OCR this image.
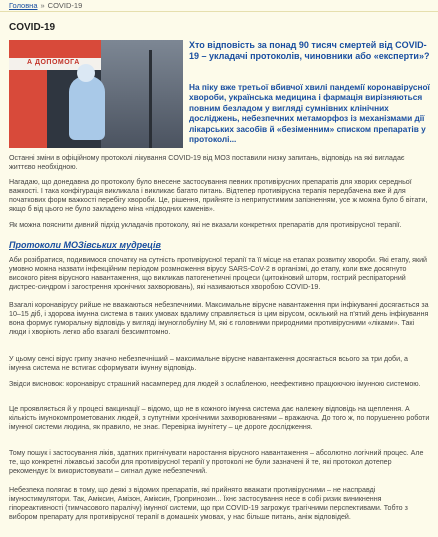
Головна » COVID-19
COVID-19
А ДОПОМОГА

Хто відповість за понад 90 тисяч смертей від COVID-19 – укладачі протоколів, чиновники або «експерти»?

На піку вже третьої вбивчої хвилі пандемії коронавірусної хвороби, українська медицина і фармація вирізняються повним безладом у вигляді сумнівних клінічних досліджень, небезпечних метаморфоз із механізмами дії лікарських засобів й «безіменним» списком препаратів у протоколі...

Останні зміни в офіційному протоколі лікування COVID-19 від МОЗ поставили низку запитань, відповідь на які вигладає життєво необхідною.

Нагадаю, що донедавна до протоколу було внесене застосування певних противірусних препаратів для хворих середньої важкості. І така конфігурація викликала і викликає багато питань. Відтепер противірусна терапія передбачена вже й для початкових форм важкості перебігу хвороби. Це, рішення, прийняте із неприпустимим запізненням, усе ж можна було б вітати, якщо б від цього не було закладено міна «підводних каменів».

Як можна пояснити дивний підхід укладачів протоколу, які не вказали конкретних препаратів для противірусної терапії.

Протоколи МОЗівських мудреців

Аби розібратися, подивимося спочатку на сутність противірусної терапії та її місце на етапах розвитку хвороби. Які етапу, який умовно можна назвати інфекційним періодом розмноження вірусу SARS-CoV-2 в організмі, до етапу, коли вже досягнуто високого рівня вірусного навантаження, що викликав патогенетичні процеси (цитокіновий шторм, гострий респіраторний дистрес-синдром і загострення хронічних захворювань), які називаються хворобою COVID-19.

Взагалі коронавірусу рийше не вважаються небезпечними. Максимальне вірусне навантаження при інфікуванні досягається за 10–15 діб, і здорова імунна система в таких умовах вдалиму справляється із цим вірусом, осклький на п'ятий день інфікування вона формує гуморальну відповідь у вигляді імуноглобуліну М, які є головними природними противірусними «ліками». Такі люди і хворіють легко або взагалі безсимптомно.

У цьому сенсі вірус грипу значно небезпечніший – максимальне вірусне навантаження досягається всього за три доби, а імунна система не встигає сформувати імунну відповідь.

Звідси висновок: коронавірус страшний насамперед для людей з ослабленою, неефективно працюючою імунною системою.

Це проявляється й у процесі вакцинації – відомо, що не в кожного імунна система дає належну відповідь на щеплення. А кількість імунокомпрометованих людей, з супутніми хронічними захворюваннями – вражаюча. До того ж, по порушенню роботи імунної системи людина, як правило, не знає. Перевірка імунітету – це дороге дослідження.

Тому пошук і застосування ліків, здатних пригнічувати наростання вірусного навантаження – абсолютно логічний процес. Але те, що конкретні ліжавські засоби для противірусної терапії у протоколі не були зазначені й те, які протокол дотепер рекомендує їх використовувати – сигнал дуже небезпечний.

Небезпека полягає в тому, що деякі з відомих препаратів, які прийнято вважати противірусними – не насправді імуностимулятори. Так, Аміксин, Амізон, Аміксин, Гропринозин... Їхнє застосування несе в собі ризик виникнення гіпореактивності (тимчасового паралічу) імунної системи, що при COVID-19 загрожує трагічними перспективами. Тобто з вибором препарату для противірусної терапії в домашніх умовах, у нас більше питань, аніж відповідей.
